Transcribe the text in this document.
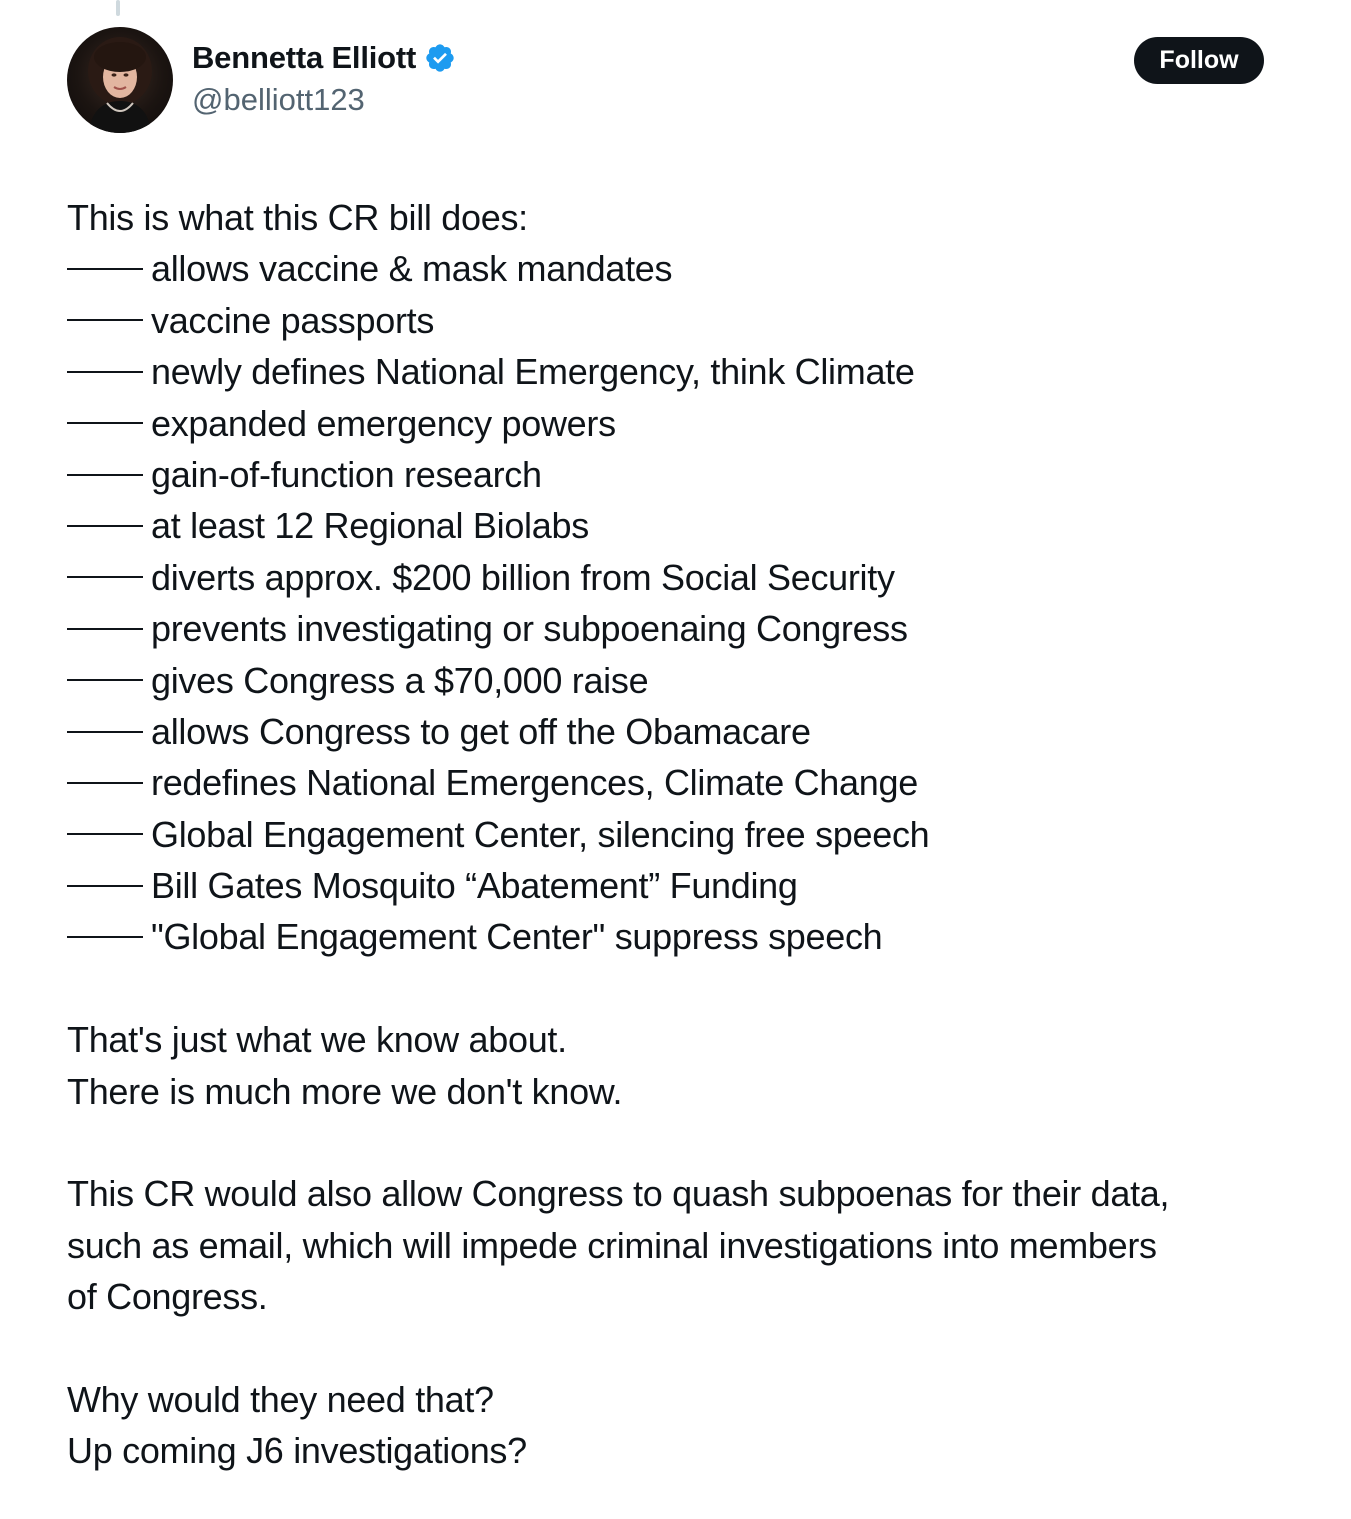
Bennetta Elliott
@belliott123
Follow
This is what this CR bill does:
allows vaccine & mask mandates
vaccine passports
newly defines National Emergency, think Climate
expanded emergency powers
gain-of-function research
at least 12 Regional Biolabs
diverts approx. $200 billion from Social Security
prevents investigating or subpoenaing Congress
gives Congress a $70,000 raise
allows Congress to get off the Obamacare
redefines National Emergences, Climate Change
Global Engagement Center, silencing free speech
Bill Gates Mosquito “Abatement” Funding
"Global Engagement Center" suppress speech
That's just what we know about.
There is much more we don't know.
This CR would also allow Congress to quash subpoenas for their data,
such as email, which will impede criminal investigations into members
of Congress.
Why would they need that?
Up coming J6 investigations?
